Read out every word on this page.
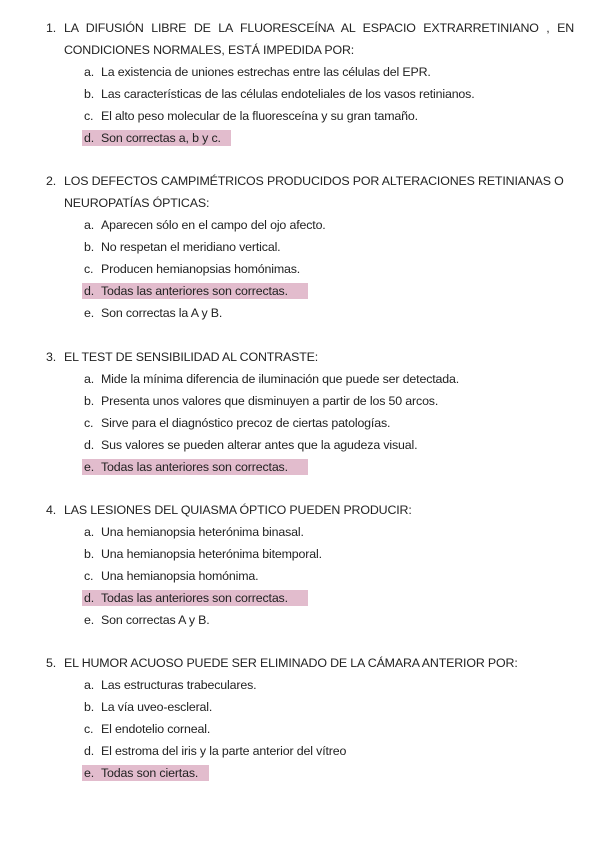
1. LA DIFUSIÓN LIBRE DE LA FLUORESCEÍNA AL ESPACIO EXTRARRETINIANO , EN CONDICIONES NORMALES, ESTÁ IMPEDIDA POR:
a. La existencia de uniones estrechas entre las células del EPR.
b. Las características de las células endoteliales de los vasos retinianos.
c. El alto peso molecular de la fluoresceína y su gran tamaño.
d. Son correctas a, b y c.
2. LOS DEFECTOS CAMPIMÉTRICOS PRODUCIDOS POR ALTERACIONES RETINIANAS O NEUROPATÍAS ÓPTICAS:
a. Aparecen sólo en el campo del ojo afecto.
b. No respetan el meridiano vertical.
c. Producen hemianopsias homónimas.
d. Todas las anteriores son correctas.
e. Son correctas la A y B.
3. EL TEST DE SENSIBILIDAD AL CONTRASTE:
a. Mide la mínima diferencia de iluminación que puede ser detectada.
b. Presenta unos valores que disminuyen a partir de los 50 arcos.
c. Sirve para el diagnóstico precoz de ciertas patologías.
d. Sus valores se pueden alterar antes que la agudeza visual.
e. Todas las anteriores son correctas.
4. LAS LESIONES DEL QUIASMA ÓPTICO PUEDEN PRODUCIR:
a. Una hemianopsia heterónima binasal.
b. Una hemianopsia heterónima bitemporal.
c. Una hemianopsia homónima.
d. Todas las anteriores son correctas.
e. Son correctas A y B.
5. EL HUMOR ACUOSO PUEDE SER ELIMINADO DE LA CÁMARA ANTERIOR POR:
a. Las estructuras trabeculares.
b. La vía uveo-escleral.
c. El endotelio corneal.
d. El estroma del iris y la parte anterior del vítreo
e. Todas son ciertas.
